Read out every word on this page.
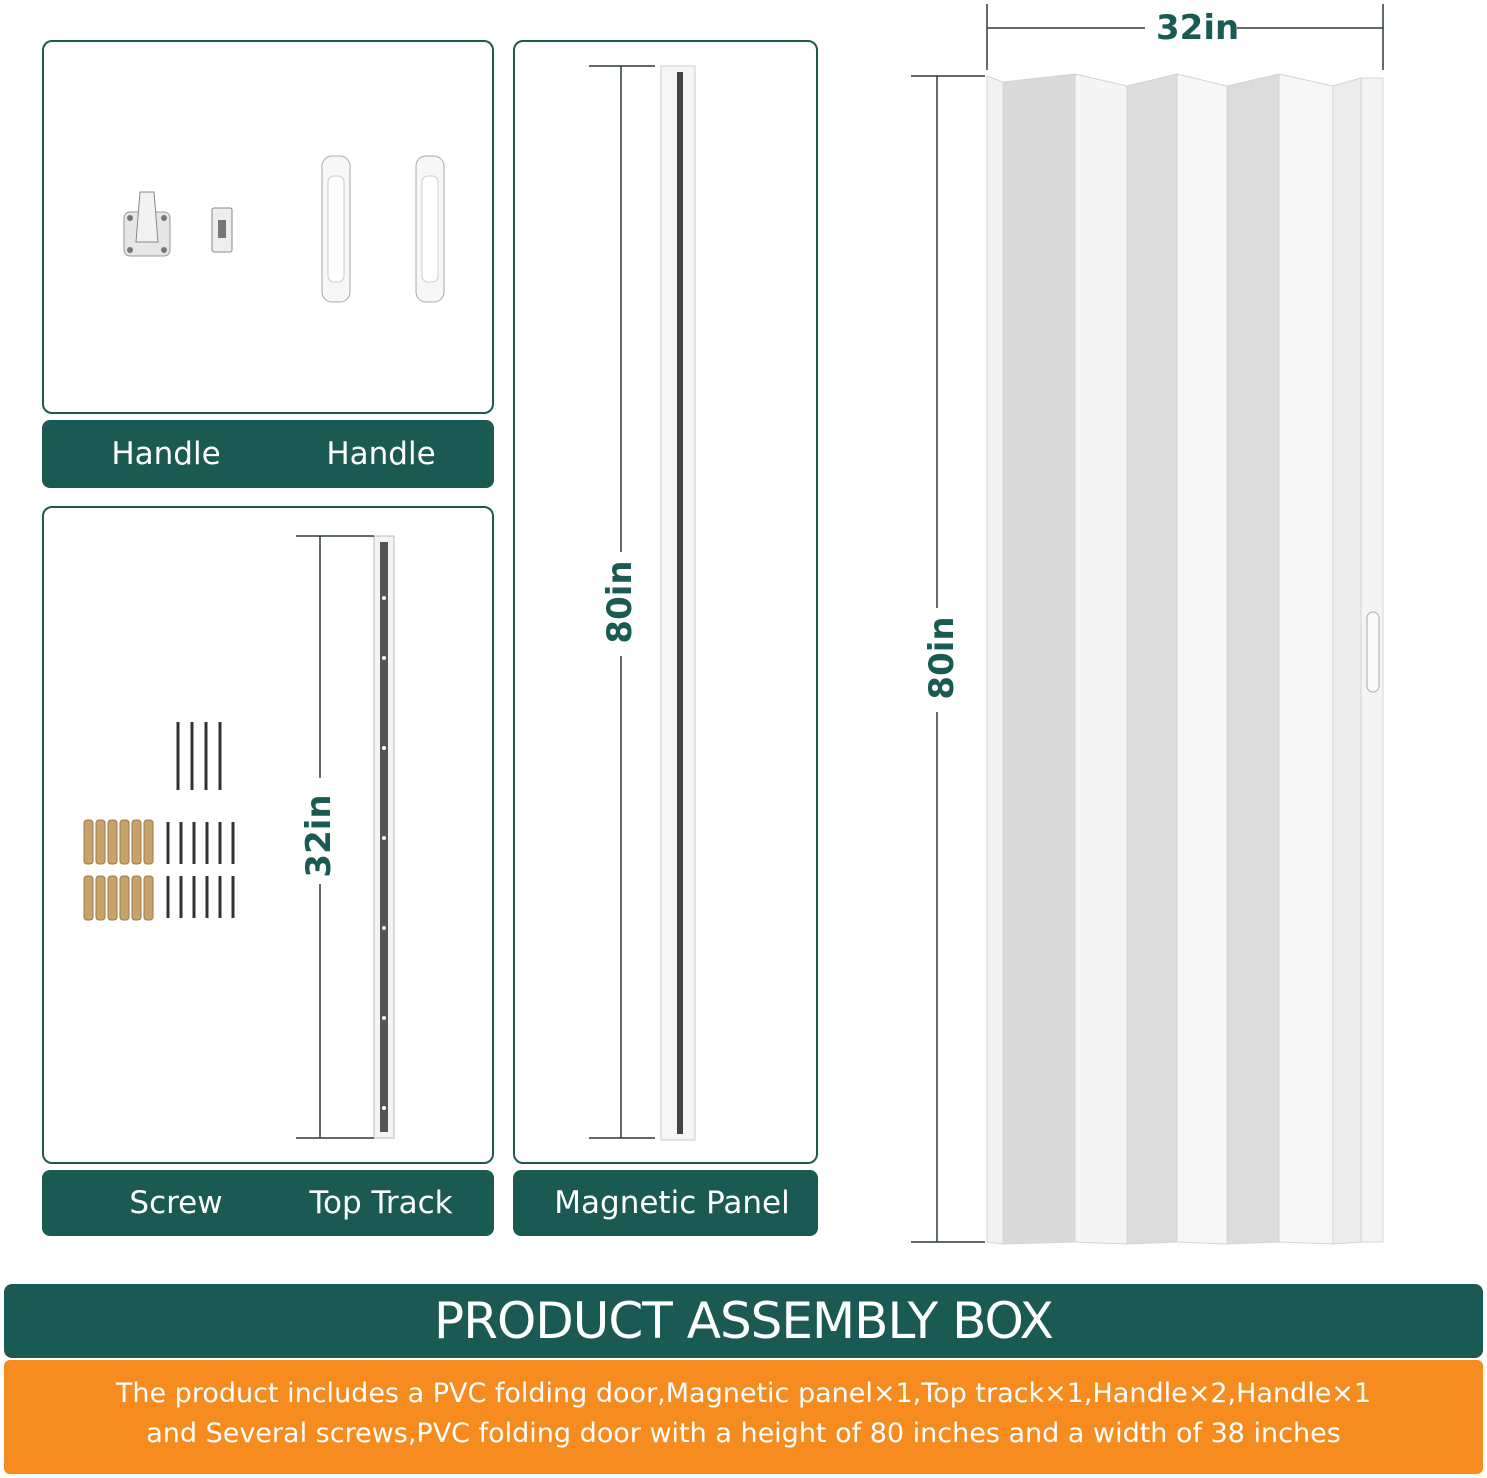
Handle	Handle
32in
Screw	Top Track
80in
Magnetic Panel
32in
80in
PRODUCT ASSEMBLY BOX
The product includes a PVC folding door,Magnetic panel×1,Top track×1,Handle×2,Handle×1
and Several screws,PVC folding door with a height of 80 inches and a width of 38 inches
